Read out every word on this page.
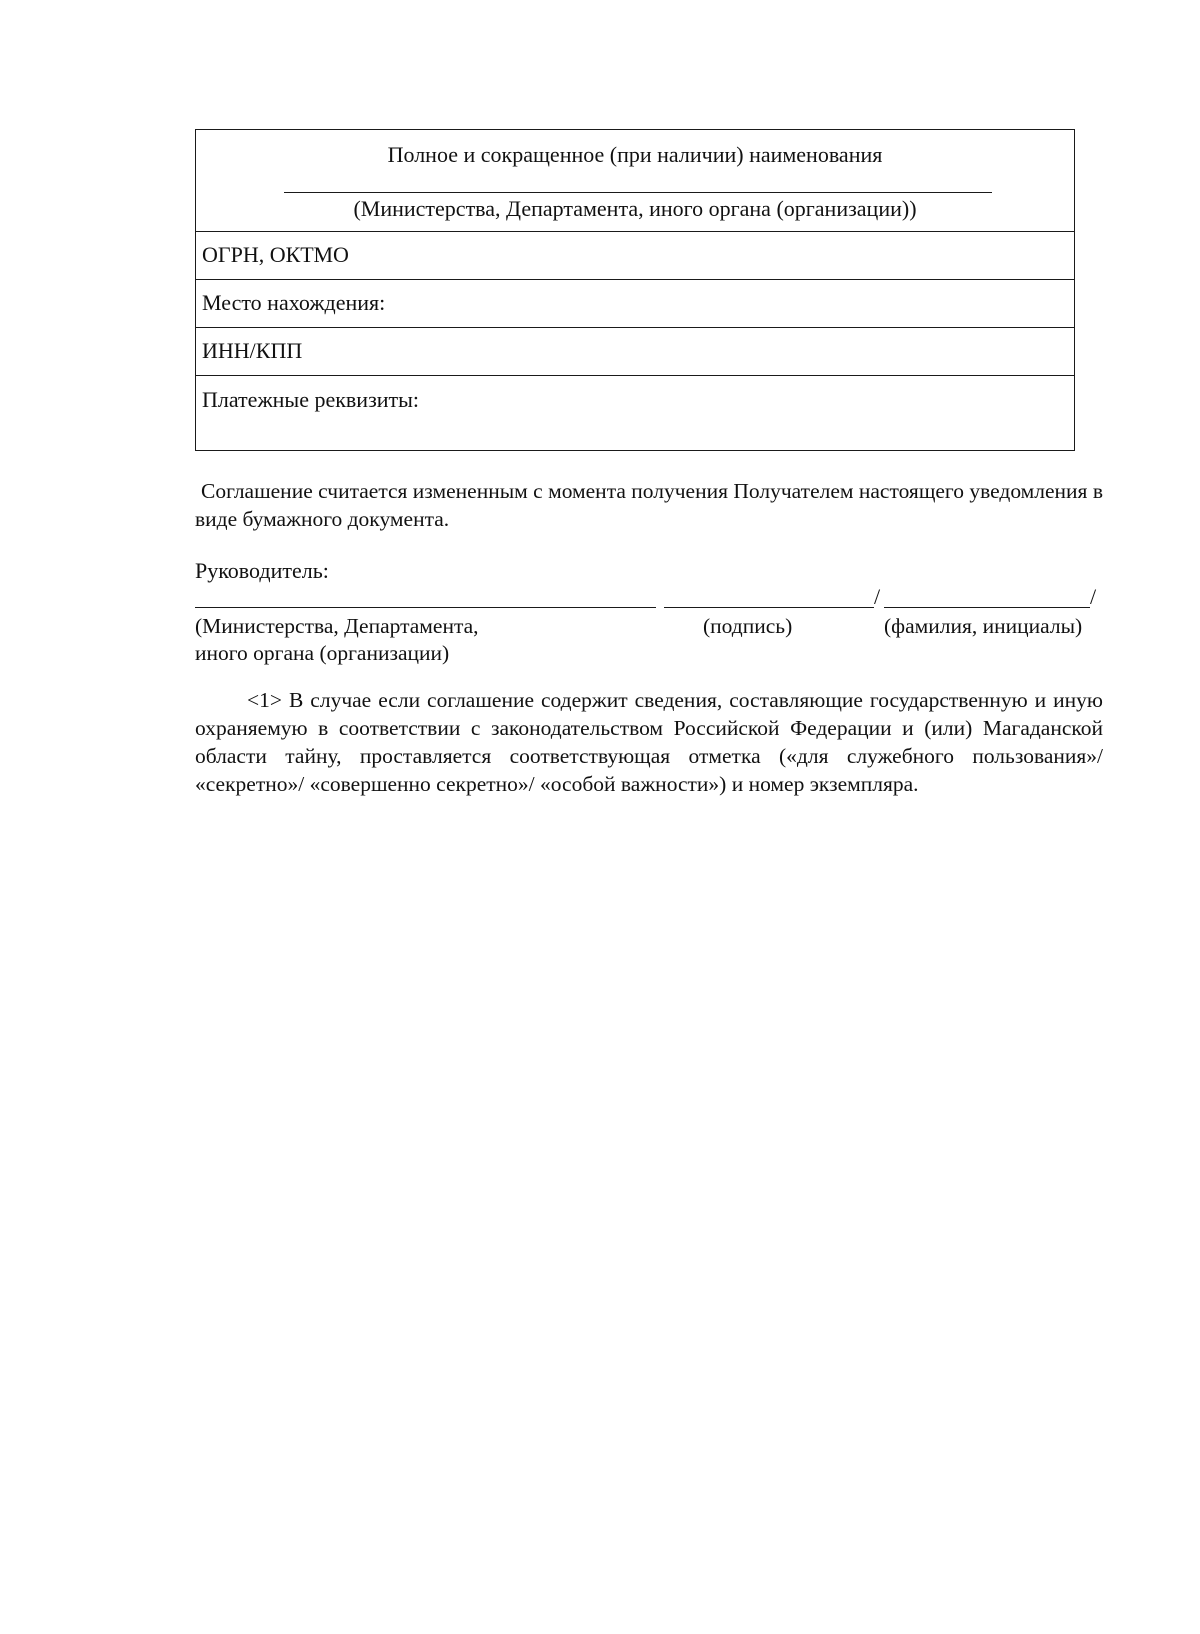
Полное и сокращенное (при наличии) наименования
(Министерства, Департамента, иного органа (организации))
ОГРН, ОКТМО
Место нахождения:
ИНН/КПП
Платежные реквизиты:
Соглашение считается измененным с момента получения Получателем настоящего уведомления в виде бумажного документа.
Руководитель:
/	/
(Министерства, Департамента,
иного органа (организации)
(подпись)	(фамилия, инициалы)
<1> В случае если соглашение содержит сведения, составляющие государственную и иную охраняемую в соответствии с законодательством Российской Федерации и (или) Магаданской области тайну, проставляется соответствующая отметка («для служебного пользования»/ «секретно»/ «совершенно секретно»/ «особой важности») и номер экземпляра.
